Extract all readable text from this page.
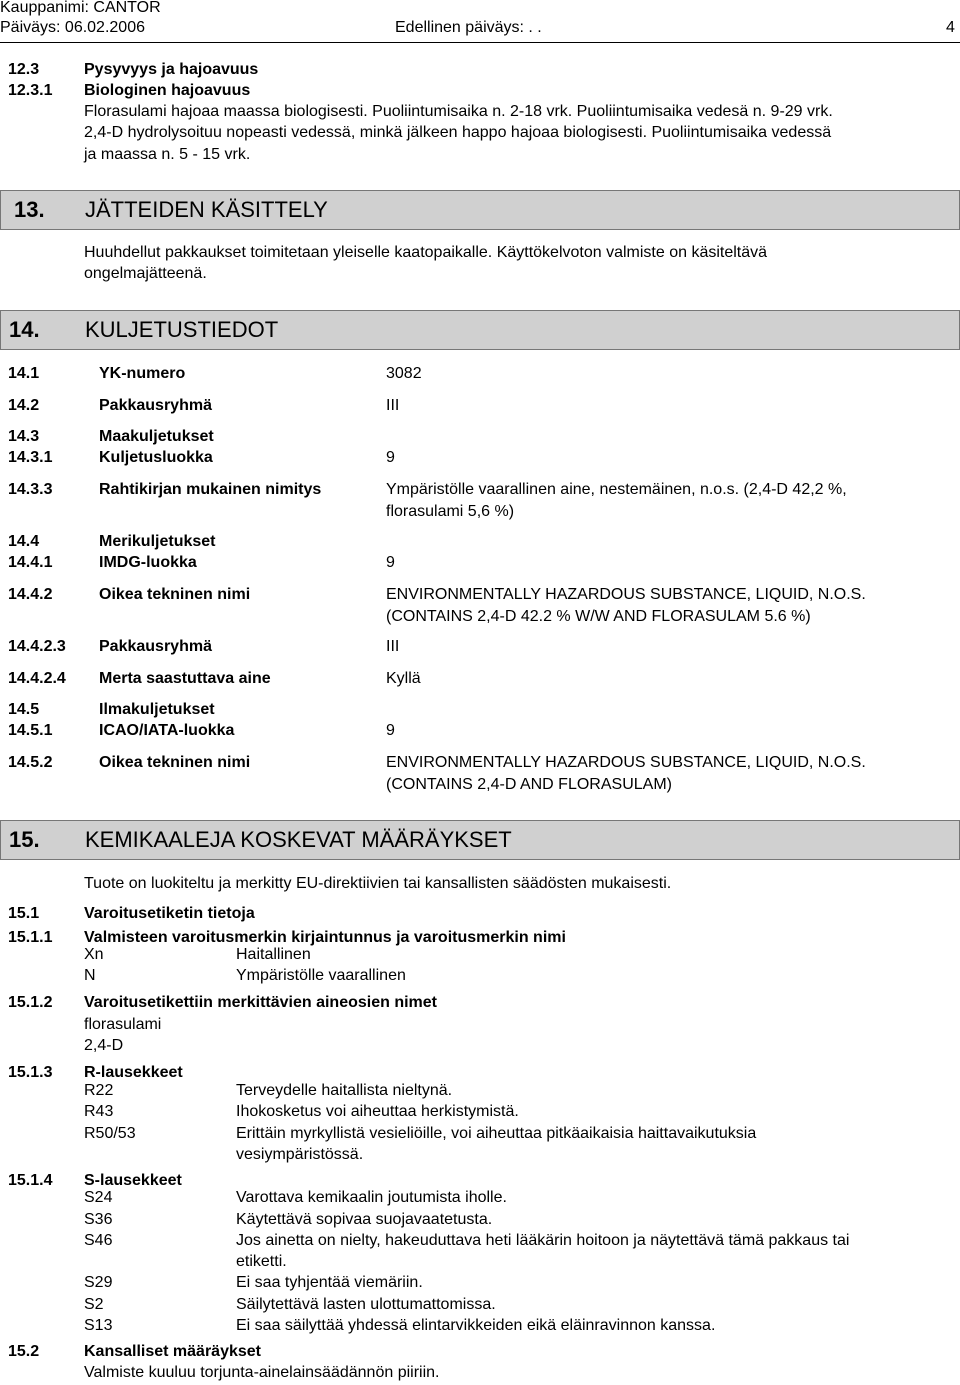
Kauppanimi: CANTOR
Päiväys: 06.02.2006	Edellinen päiväys: . .	4
12.3	Pysyvyys ja hajoavuus
12.3.1 Biologinen hajoavuus
Florasulami hajoaa maassa biologisesti. Puoliintumisaika n. 2-18 vrk. Puoliintumisaika vedesä n. 9-29 vrk.
2,4-D hydrolysoituu nopeasti vedessä, minkä jälkeen happo hajoaa biologisesti. Puoliintumisaika vedessä
ja maassa n. 5 - 15 vrk.
13. JÄTTEIDEN KÄSITTELY
Huuhdellut pakkaukset toimitetaan yleiselle kaatopaikalle. Käyttökelvoton valmiste on käsiteltävä
ongelmajätteenä.
14. KULJETUSTIEDOT
14.1	YK-numero	3082
14.2	Pakkausryhmä	III
14.3	Maakuljetukset
14.3.1	Kuljetusluokka	9
14.3.3	Rahtikirjan mukainen nimitys	Ympäristölle vaarallinen aine, nestemäinen, n.o.s. (2,4-D 42,2 %,
florasulami 5,6 %)
14.4	Merikuljetukset
14.4.1	IMDG-luokka	9
14.4.2	Oikea tekninen nimi	ENVIRONMENTALLY HAZARDOUS SUBSTANCE, LIQUID, N.O.S.
(CONTAINS 2,4-D 42.2 % W/W AND FLORASULAM 5.6 %)
14.4.2.3 Pakkausryhmä	III
14.4.2.4 Merta saastuttava aine	Kyllä
14.5	Ilmakuljetukset
14.5.1	ICAO/IATA-luokka	9
14.5.2	Oikea tekninen nimi	ENVIRONMENTALLY HAZARDOUS SUBSTANCE, LIQUID, N.O.S.
(CONTAINS 2,4-D AND FLORASULAM)
15. KEMIKAALEJA KOSKEVAT MÄÄRÄYKSET
Tuote on luokiteltu ja merkitty EU-direktiivien tai kansallisten säädösten mukaisesti.
15.1	Varoitusetiketin tietoja
15.1.1 Valmisteen varoitusmerkin kirjaintunnus ja varoitusmerkin nimi
Xn	Haitallinen
N	Ympäristölle vaarallinen
15.1.2 Varoitusetikettiin merkittävien aineosien nimet
florasulami
2,4-D
15.1.3 R-lausekkeet
R22	Terveydelle haitallista nieltynä.
R43	Ihokosketus voi aiheuttaa herkistymistä.
R50/53	Erittäin myrkyllistä vesieliöille, voi aiheuttaa pitkäaikaisia haittavaikutuksia
vesiympäristössä.
15.1.4 S-lausekkeet
S24	Varottava kemikaalin joutumista iholle.
S36	Käytettävä sopivaa suojavaatetusta.
S46	Jos ainetta on nielty, hakeuduttava heti lääkärin hoitoon ja näytettävä tämä pakkaus tai
etiketti.
S29	Ei saa tyhjentää viemäriin.
S2	Säilytettävä lasten ulottumattomissa.
S13	Ei saa säilyttää yhdessä elintarvikkeiden eikä eläinravinnon kanssa.
15.2	Kansalliset määräykset
Valmiste kuuluu torjunta-ainelainsäädännön piiriin.
